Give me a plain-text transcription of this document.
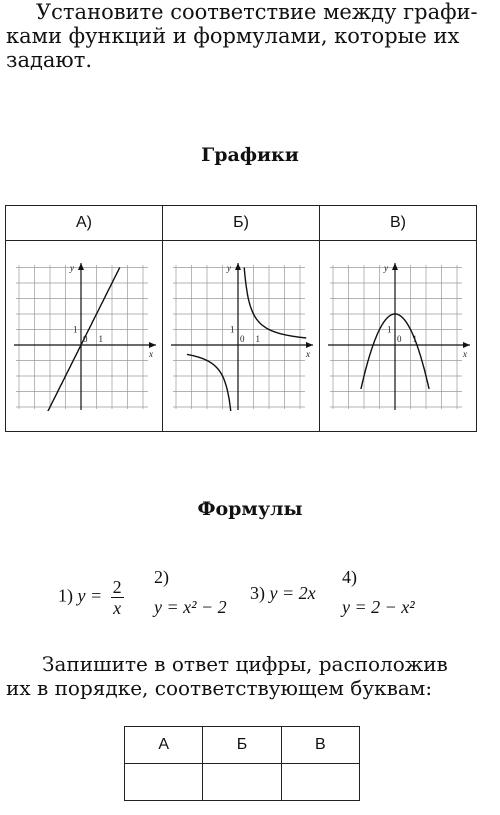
Установите соответствие между графи-
ками функций и формулами, которые их
задают.

Графики
А)	Б)	В)

x
y
0 1
1	x
y
0 1
1	x
y
0 1
1
Формулы
1) $y = \frac{2}{x} 2$)
y = x² − 2
3) y = 2x
4)
y = 2 − x²

Запишите в ответ цифры, расположив
их в порядке, соответствующем буквам:

А	Б	В
